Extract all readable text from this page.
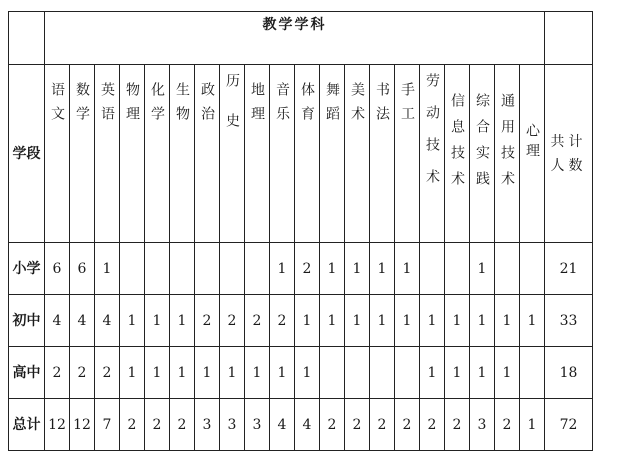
	教学学科																				
学段	语文	数学	英语	物理	化学	生物	政治	历史	地理	音乐	体育	舞蹈	美术	书法	手工	劳动技术	信息技术	综合实践	通用技术	心理	共计人数

小学	6	6	1							1	2	1	1	1	1			1			21
初中	4	4	4	1	1	1	2	2	2	2	1	1	1	1	1	1	1	1	1	1	33
高中	2	2	2	1	1	1	1	1	1	1	1					1	1	1	1		18
总计	12	12	7	2	2	2	3	3	3	4	4	2	2	2	2	2	2	3	2	1	72
